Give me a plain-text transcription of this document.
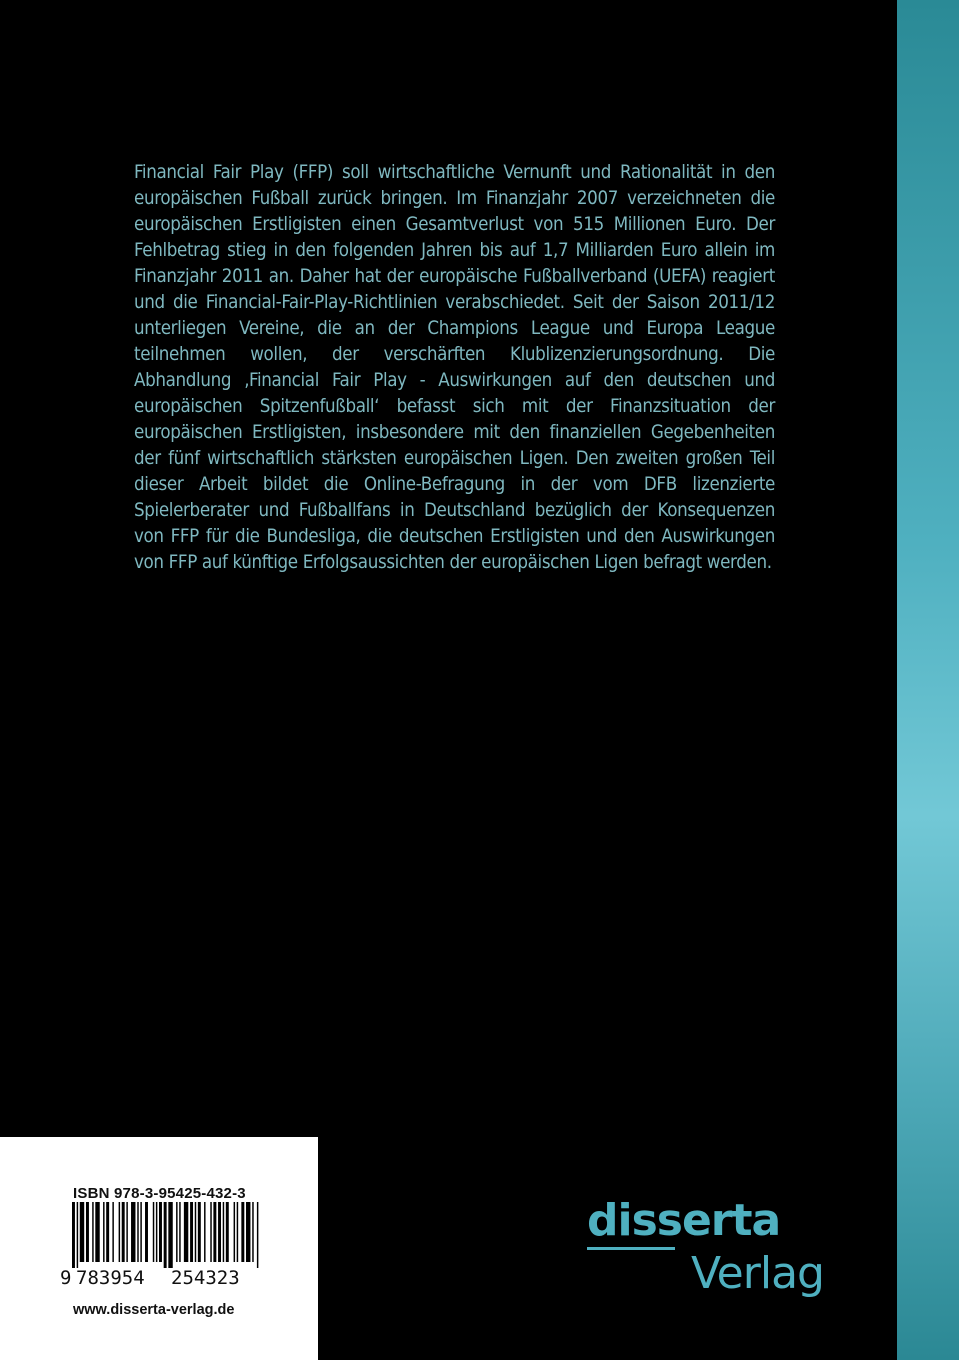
Financial Fair Play (FFP) soll wirtschaftliche Vernunft und Rationalität in den europäischen Fußball zurück bringen. Im Finanzjahr 2007 verzeichneten die europäischen Erstligisten einen Gesamtverlust von 515 Millionen Euro. Der Fehlbetrag stieg in den folgenden Jahren bis auf 1,7 Milliarden Euro allein im Finanzjahr 2011 an. Daher hat der europäische Fußballverband (UEFA) reagiert und die Financial-Fair-Play-Richtlinien verabschiedet. Seit der Saison 2011/12 unterliegen Vereine, die an der Champions League und Europa League teilnehmen wollen, der verschärften Klublizenzierungsordnung. Die Abhandlung ‚Financial Fair Play - Auswirkungen auf den deutschen und europäischen Spitzenfußball‘ befasst sich mit der Finanzsituation der europäischen Erstligisten, insbesondere mit den finanziellen Gegebenheiten der fünf wirtschaftlich stärksten europäischen Ligen. Den zweiten großen Teil dieser Arbeit bildet die Online-Befragung in der vom DFB lizenzierte Spielerberater und Fußballfans in Deutschland bezüglich der Konsequenzen von FFP für die Bundesliga, die deutschen Erstligisten und den Auswirkungen von FFP auf künftige Erfolgsaussichten der europäischen Ligen befragt werden.

ISBN 978-3-95425-432-3
9 783954 254323
www.disserta-verlag.de
disserta
Verlag
